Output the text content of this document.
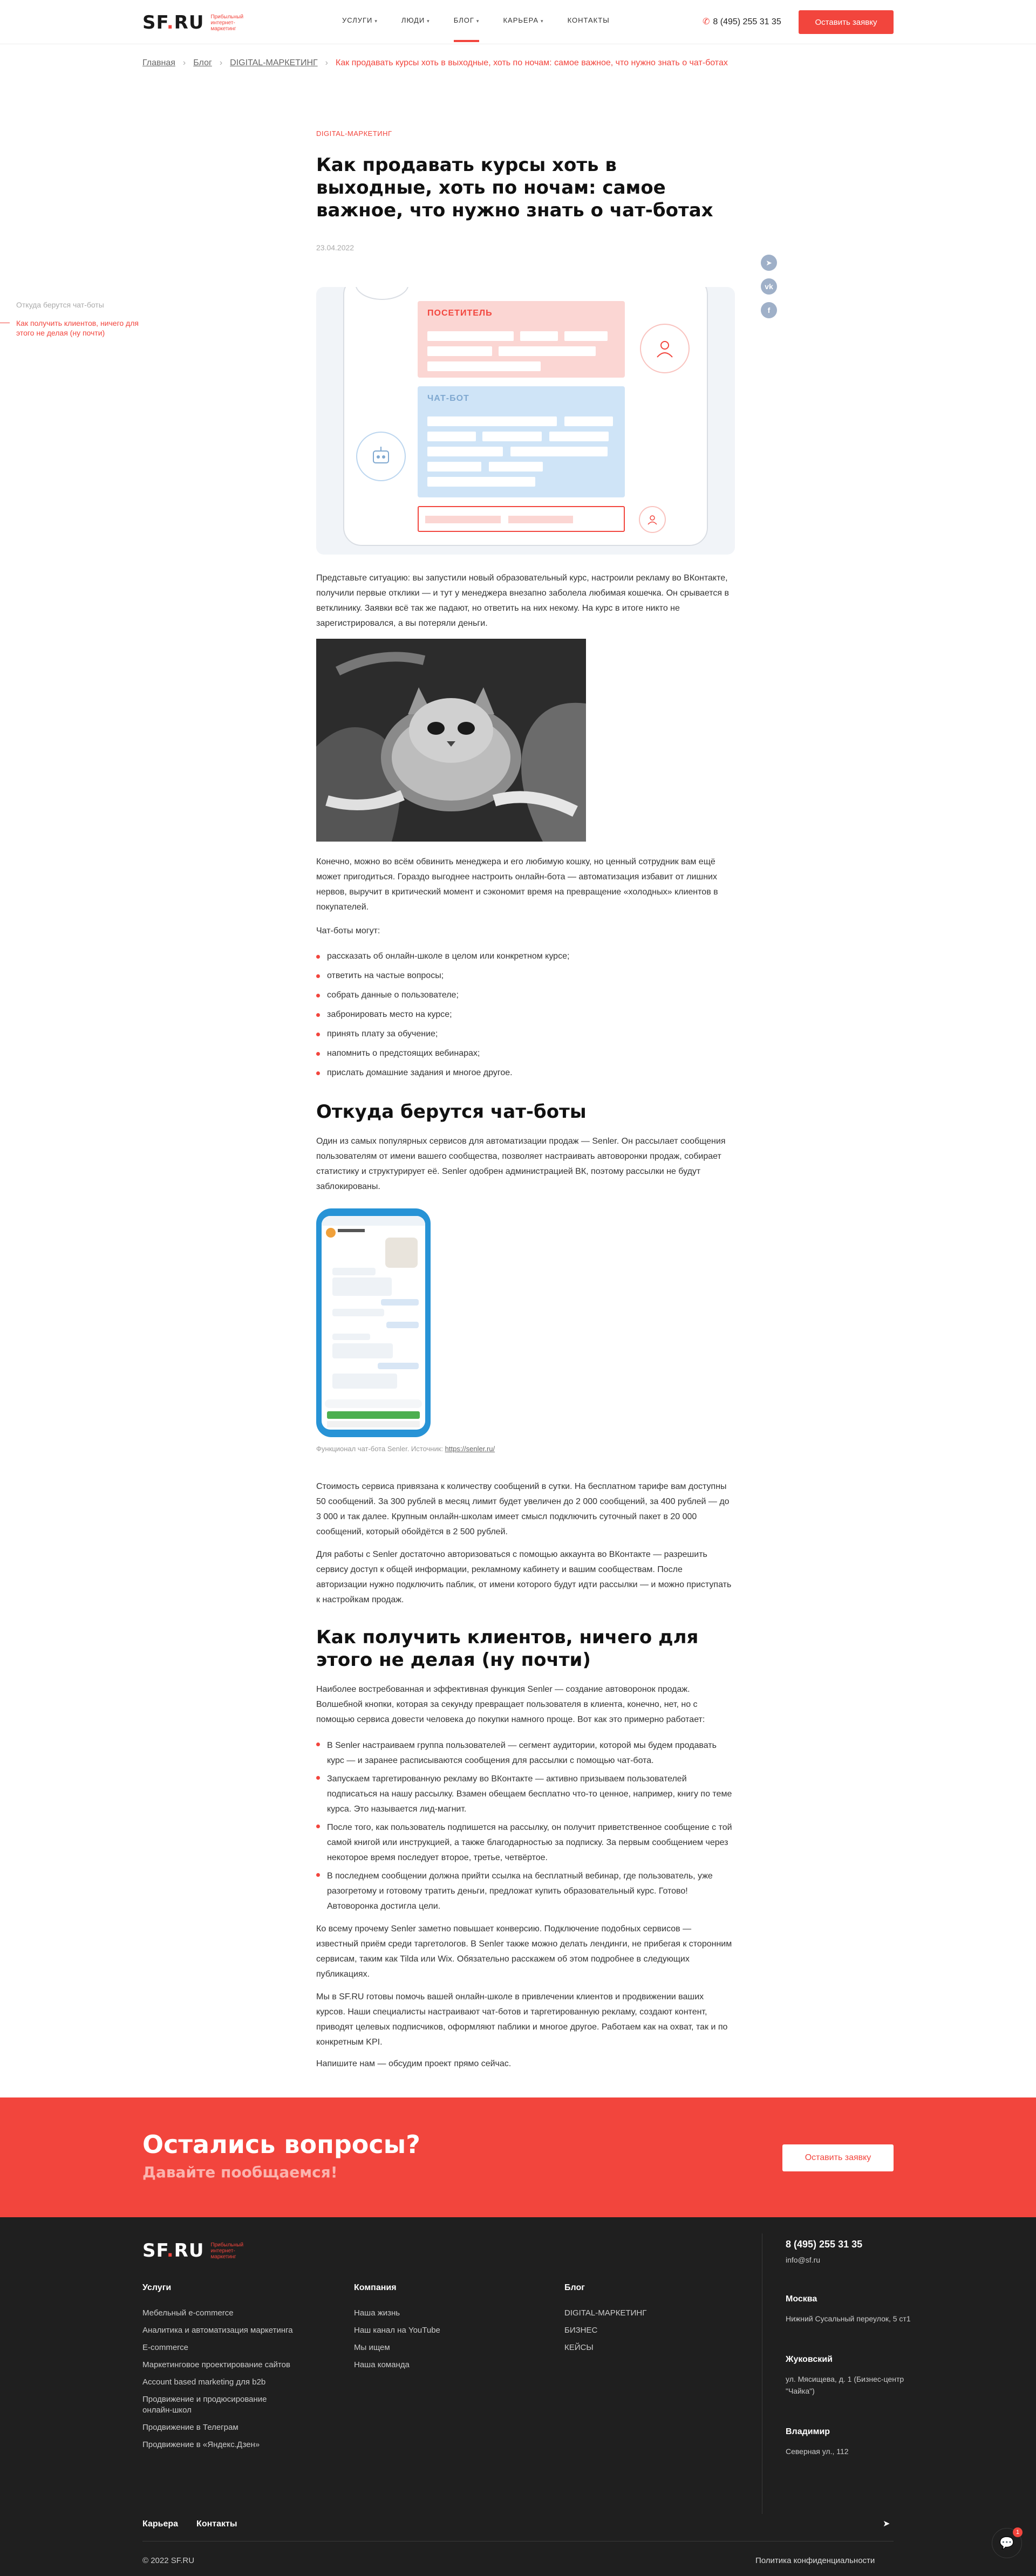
SF.RU Прибыльный интернет-маркетинг
УСЛУГИ ▾	ЛЮДИ ▾	БЛОГ ▾	КАРЬЕРА ▾	КОНТАКТЫ	✆ 8 (495) 255 31 35	Оставить заявку
Главная › Блог › DIGITAL-МАРКЕТИНГ › Как продавать курсы хоть в выходные, хоть по ночам: самое важное, что нужно знать о чат-ботах
Откуда берутся чат-боты
Как получить клиентов, ничего для этого не делая (ну почти)
➤
vk
f
DIGITAL-МАРКЕТИНГ
Как продавать курсы хоть в выходные, хоть по ночам: самое важное, что нужно знать о чат-ботах
23.04.2022
ПОСЕТИТЕЛЬ
ЧАТ-БОТ

Представьте ситуацию: вы запустили новый образовательный курс, настроили рекламу во ВКонтакте, получили первые отклики — и тут у менеджера внезапно заболела любимая кошечка. Он срывается в ветклинику. Заявки всё так же падают, но ответить на них некому. На курс в итоге никто не зарегистрировался, а вы потеряли деньги.

Конечно, можно во всём обвинить менеджера и его любимую кошку, но ценный сотрудник вам ещё может пригодиться. Гораздо выгоднее настроить онлайн-бота — автоматизация избавит от лишних нервов, выручит в критический момент и сэкономит время на превращение «холодных» клиентов в покупателей.

Чат-боты могут:

рассказать об онлайн-школе в целом или конкретном курсе;
ответить на частые вопросы;
собрать данные о пользователе;
забронировать место на курсе;
принять плату за обучение;
напомнить о предстоящих вебинарах;
прислать домашние задания и многое другое.
Откуда берутся чат-боты

Один из самых популярных сервисов для автоматизации продаж — Senler. Он рассылает сообщения пользователям от имени вашего сообщества, позволяет настраивать автоворонки продаж, собирает статистику и структурирует её. Senler одобрен администрацией ВК, поэтому рассылки не будут заблокированы.

Функционал чат-бота Senler. Источник: https://senler.ru/

Стоимость сервиса привязана к количеству сообщений в сутки. На бесплатном тарифе вам доступны 50 сообщений. За 300 рублей в месяц лимит будет увеличен до 2 000 сообщений, за 400 рублей — до 3 000 и так далее. Крупным онлайн-школам имеет смысл подключить суточный пакет в 20 000 сообщений, который обойдётся в 2 500 рублей.

Для работы с Senler достаточно авторизоваться с помощью аккаунта во ВКонтакте — разрешить сервису доступ к общей информации, рекламному кабинету и вашим сообществам. После авторизации нужно подключить паблик, от имени которого будут идти рассылки — и можно приступать к настройкам продаж.

Как получить клиентов, ничего для этого не делая (ну почти)

Наиболее востребованная и эффективная функция Senler — создание автоворонок продаж. Волшебной кнопки, которая за секунду превращает пользователя в клиента, конечно, нет, но с помощью сервиса довести человека до покупки намного проще. Вот как это примерно работает:

В Senler настраиваем группа пользователей — сегмент аудитории, которой мы будем продавать курс — и заранее расписываются сообщения для рассылки с помощью чат-бота.
Запускаем таргетированную рекламу во ВКонтакте — активно призываем пользователей подписаться на нашу рассылку. Взамен обещаем бесплатно что-то ценное, например, книгу по теме курса. Это называется лид-магнит.
После того, как пользователь подпишется на рассылку, он получит приветственное сообщение с той самой книгой или инструкцией, а также благодарностью за подписку. За первым сообщением через некоторое время последует второе, третье, четвёртое.
В последнем сообщении должна прийти ссылка на бесплатный вебинар, где пользователь, уже разогретому и готовому тратить деньги, предложат купить образовательный курс. Готово! Автоворонка достигла цели.

Ко всему прочему Senler заметно повышает конверсию. Подключение подобных сервисов — известный приём среди таргетологов. В Senler также можно делать лендинги, не прибегая к сторонним сервисам, таким как Tilda или Wix. Обязательно расскажем об этом подробнее в следующих публикациях.

Мы в SF.RU готовы помочь вашей онлайн-школе в привлечении клиентов и продвижении ваших курсов. Наши специалисты настраивают чат-ботов и таргетированную рекламу, создают контент, приводят целевых подписчиков, оформляют паблики и многое другое. Работаем как на охват, так и по конкретным KPI.

Напишите нам — обсудим проект прямо сейчас.

Остались вопросы?
Давайте пообщаемся!
Оставить заявку
SF.RU Прибыльный интернет-маркетинг
Услуги
Мебельный e-commerce
Аналитика и автоматизация маркетинга
E-commerce
Маркетинговое проектирование сайтов
Account based marketing для b2b
Продвижение и продюсирование онлайн-школ
Продвижение в Телеграм
Продвижение в «Яндекс.Дзен»
Компания
Наша жизнь
Наш канал на YouTube
Мы ищем
Наша команда
Блог
DIGITAL-МАРКЕТИНГ
БИЗНЕС
КЕЙСЫ
8 (495) 255 31 35
info@sf.ru
Москва
Нижний Сусальный переулок, 5 ст1
Жуковский
ул. Мясищева, д. 1 (Бизнес-центр "Чайка")
Владимир
Северная ул., 112
Карьера Контакты	➤
© 2022 SF.RU	Политика конфиденциальности
💬
1
